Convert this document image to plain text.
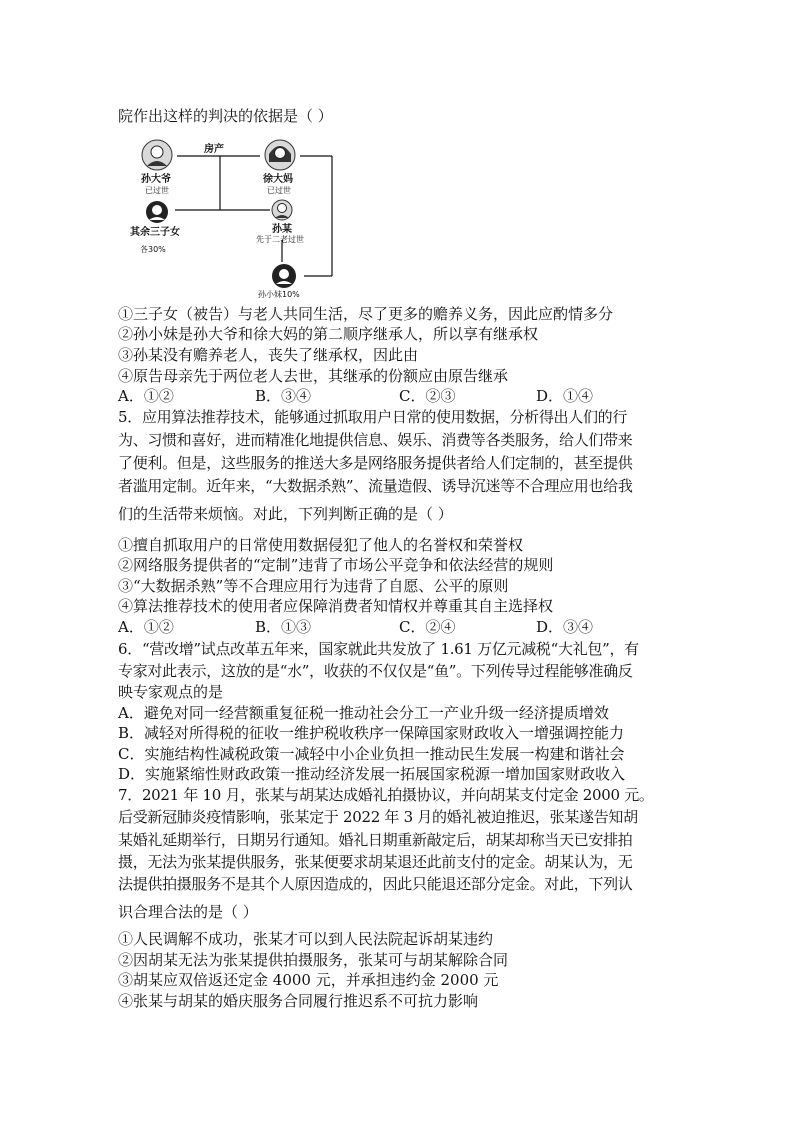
院作出这样的判决的依据是（ ）
房产
孙大爷
已过世
徐大妈
已过世
其余三子女
各30%
孙某
先于二老过世
孙小妹10%
①三子女（被告）与老人共同生活，尽了更多的赡养义务，因此应酌情多分
②孙小妹是孙大爷和徐大妈的第二顺序继承人，所以享有继承权
③孙某没有赡养老人，丧失了继承权，因此由
④原告母亲先于两位老人去世，其继承的份额应由原告继承
A．①②	B．③④	C．②③	D．①④
5．应用算法推荐技术，能够通过抓取用户日常的使用数据，分析得出人们的行
为、习惯和喜好，进而精准化地提供信息、娱乐、消费等各类服务，给人们带来
了便利。但是，这些服务的推送大多是网络服务提供者给人们定制的，甚至提供
者滥用定制。近年来，“大数据杀熟”、流量造假、诱导沉迷等不合理应用也给我
们的生活带来烦恼。对此，下列判断正确的是（ ）
①擅自抓取用户的日常使用数据侵犯了他人的名誉权和荣誉权
②网络服务提供者的“定制”违背了市场公平竞争和依法经营的规则
③“大数据杀熟”等不合理应用行为违背了自愿、公平的原则
④算法推荐技术的使用者应保障消费者知情权并尊重其自主选择权
A．①②	B．①③	C．②④	D．③④
6．“营改增”试点改革五年来，国家就此共发放了 1.61 万亿元减税“大礼包”，有
专家对此表示，这放的是“水”，收获的不仅仅是“鱼”。下列传导过程能够准确反
映专家观点的是
A．避免对同一经营额重复征税一推动社会分工一产业升级一经济提质增效
B．减轻对所得税的征收一维护税收秩序一保障国家财政收入一增强调控能力
C．实施结构性减税政策一减轻中小企业负担一推动民生发展一构建和谐社会
D．实施紧缩性财政政策一推动经济发展一拓展国家税源一增加国家财政收入
7．2021 年 10 月，张某与胡某达成婚礼拍摄协议，并向胡某支付定金 2000 元。
后受新冠肺炎疫情影响，张某定于 2022 年 3 月的婚礼被迫推迟，张某遂告知胡
某婚礼延期举行，日期另行通知。婚礼日期重新敲定后，胡某却称当天已安排拍
摄，无法为张某提供服务，张某便要求胡某退还此前支付的定金。胡某认为，无
法提供拍摄服务不是其个人原因造成的，因此只能退还部分定金。对此，下列认
识合理合法的是（ ）
①人民调解不成功，张某才可以到人民法院起诉胡某违约
②因胡某无法为张某提供拍摄服务，张某可与胡某解除合同
③胡某应双倍返还定金 4000 元，并承担违约金 2000 元
④张某与胡某的婚庆服务合同履行推迟系不可抗力影响
